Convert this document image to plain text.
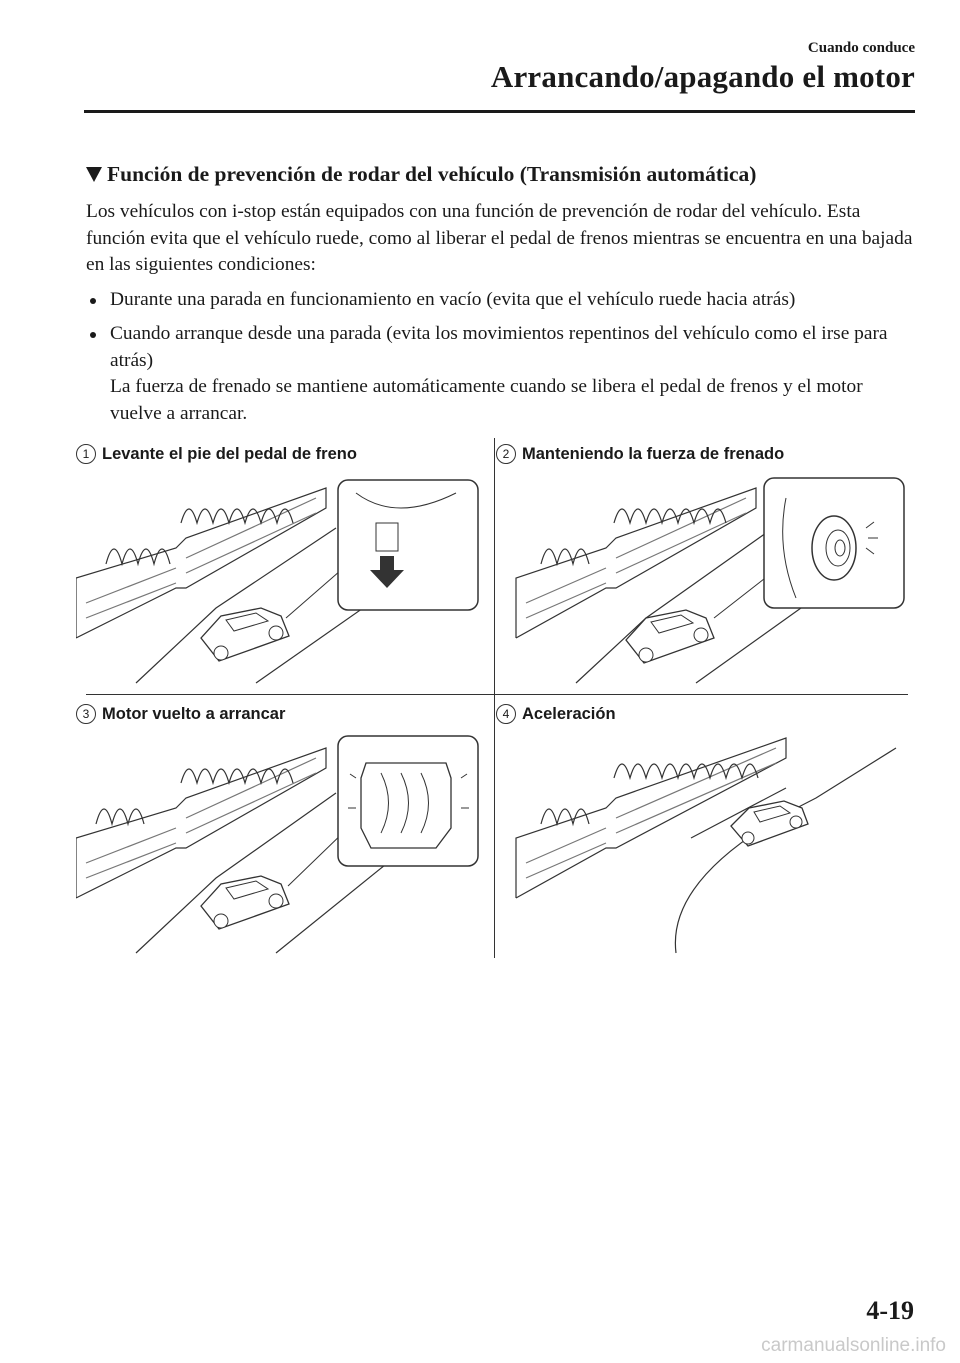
Cuando conduce
Arrancando/apagando el motor
Función de prevención de rodar del vehículo (Transmisión automática)

Los vehículos con i-stop están equipados con una función de prevención de rodar del vehículo. Esta función evita que el vehículo ruede, como al liberar el pedal de frenos mientras se encuentra en una bajada en las siguientes condiciones:

Durante una parada en funcionamiento en vacío (evita que el vehículo ruede hacia atrás)
Cuando arranque desde una parada (evita los movimientos repentinos del vehículo como el irse para atrás)
La fuerza de frenado se mantiene automáticamente cuando se libera el pedal de frenos y el motor vuelve a arrancar.
1 Levante el pie del pedal de freno	2 Manteniendo la fuerza de frenado
3 Motor vuelto a arrancar	4 Aceleración
4-19
carmanualsonline.info
